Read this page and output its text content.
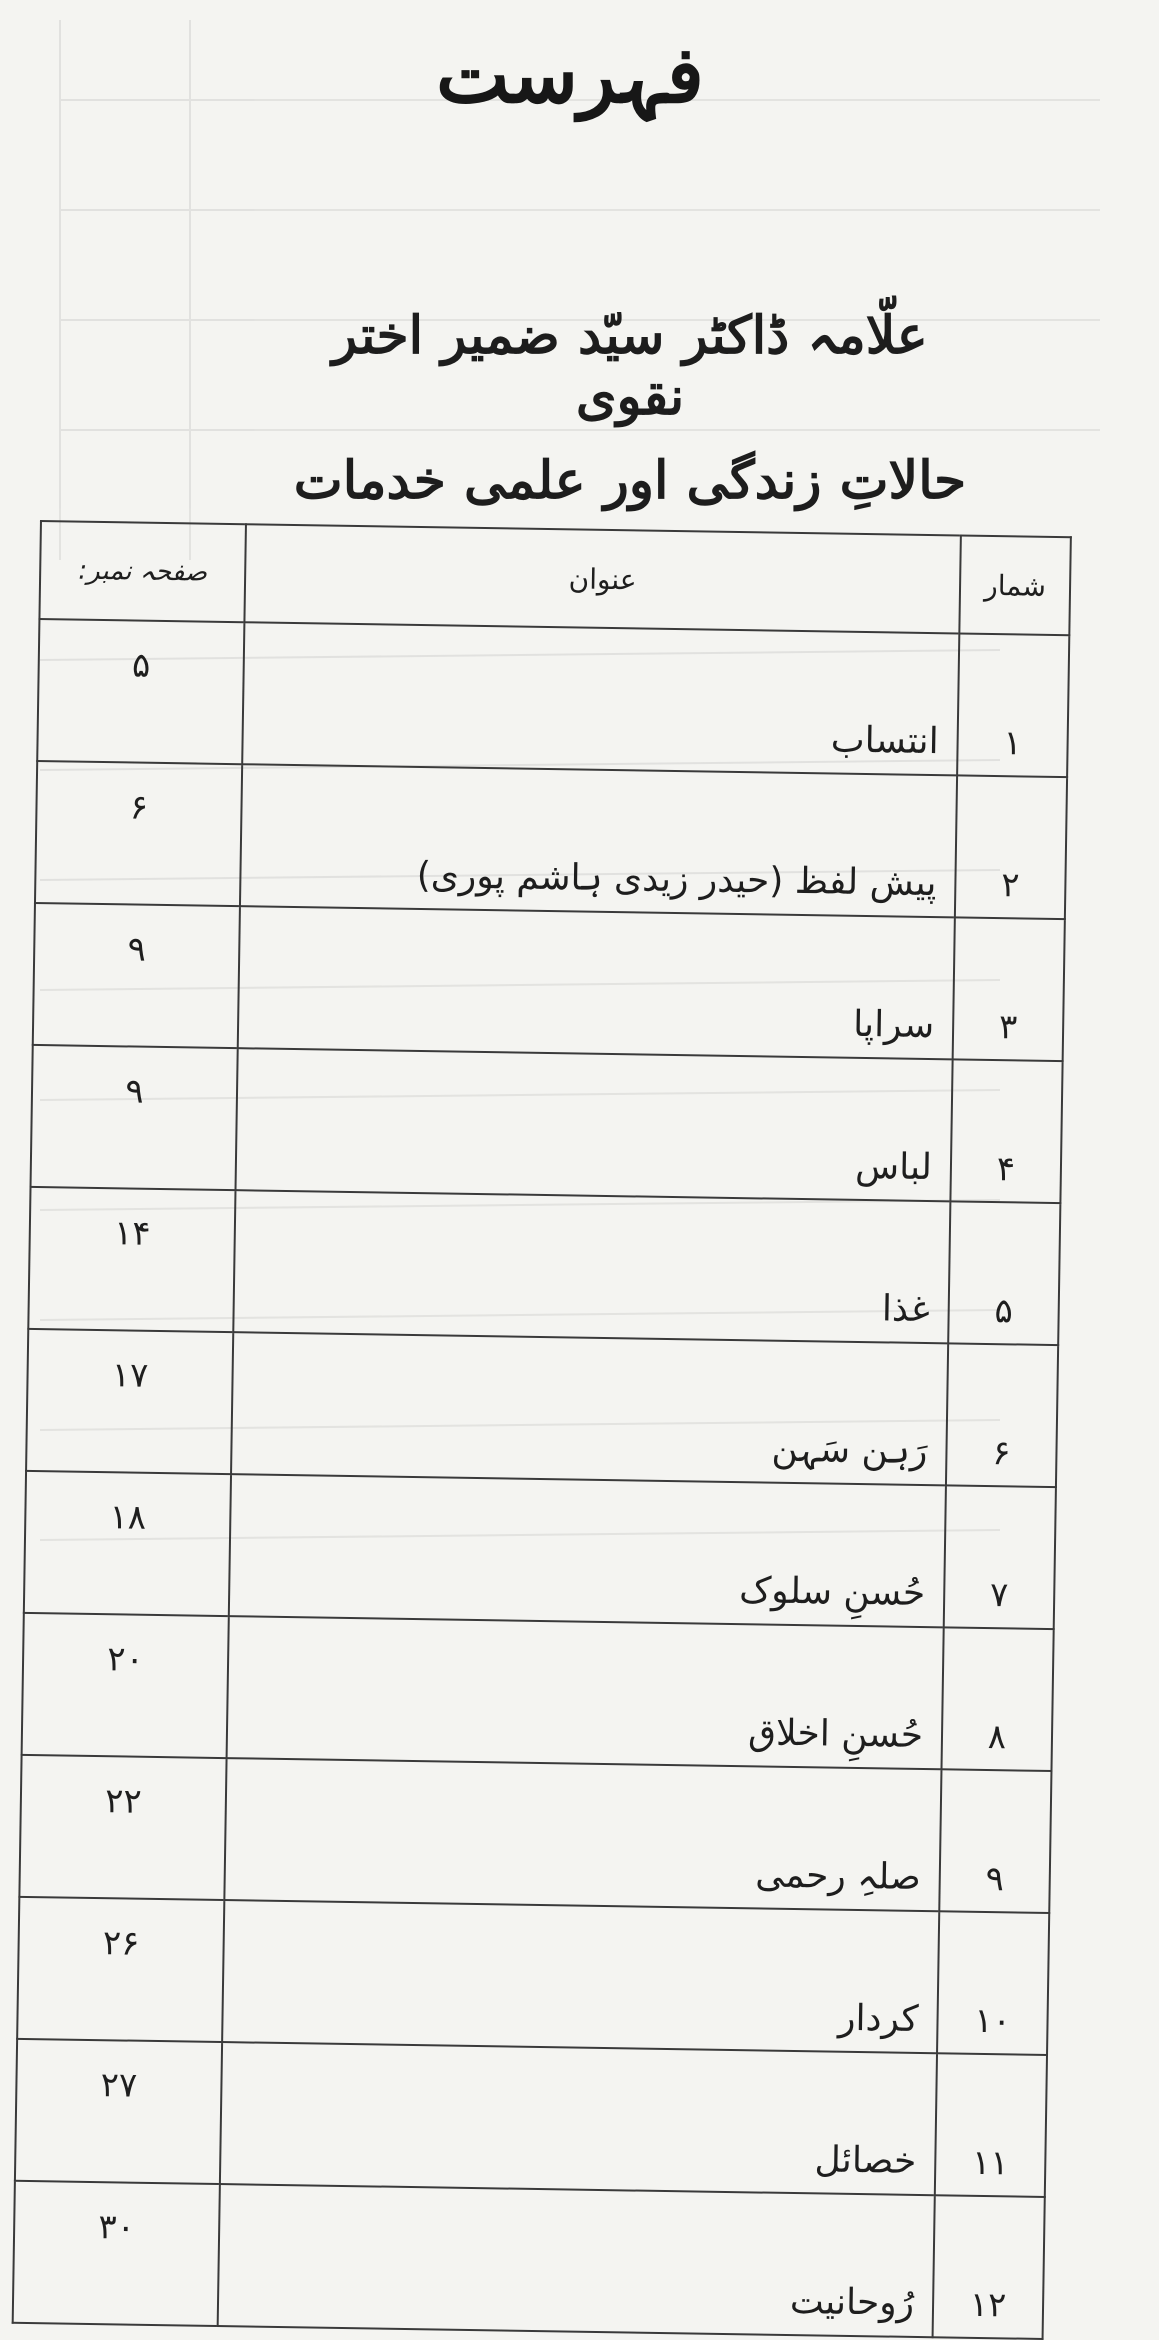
فہرست
علّامہ ڈاکٹر سیّد ضمیر اختر نقوی
حالاتِ زندگی اور علمی خدمات
شمار	عنوان	صفحہ نمبر:
۱	انتساب	۵
۲	پیش لفظ (حیدر زیدی ہاشم پوری)	۶
۳	سراپا	۹
۴	لباس	۹
۵	غذا	۱۴
۶	رَہن سَہن	۱۷
۷	حُسنِ سلوک	۱۸
۸	حُسنِ اخلاق	۲۰
۹	صلہِ رحمی	۲۲
۱۰	کردار	۲۶
۱۱	خصائل	۲۷
۱۲	رُوحانیت	۳۰
